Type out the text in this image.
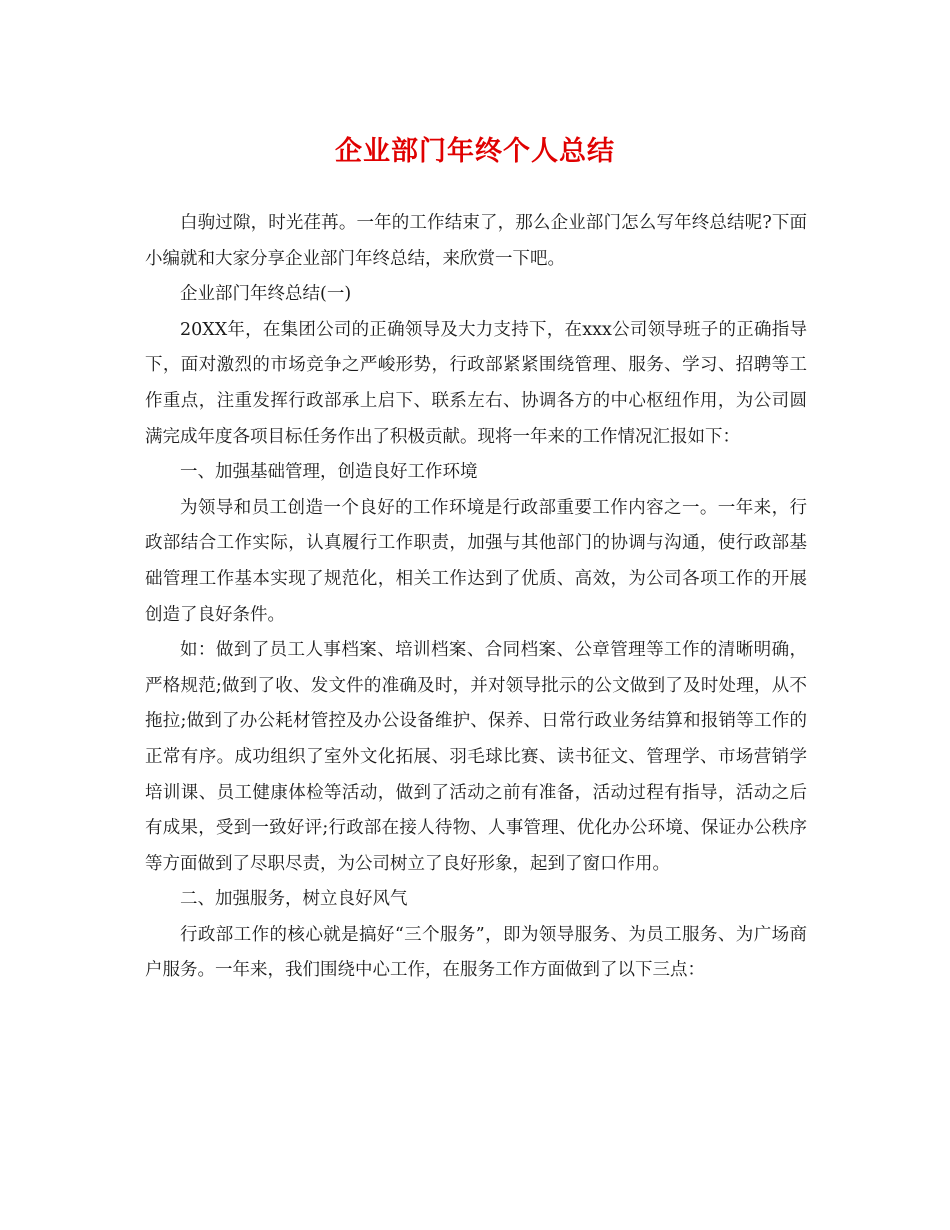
企业部门年终个人总结

白驹过隙，时光荏苒。一年的工作结束了，那么企业部门怎么写年终总结呢?下面小编就和大家分享企业部门年终总结，来欣赏一下吧。

企业部门年终总结(一)

20XX年，在集团公司的正确领导及大力支持下，在xxx公司领导班子的正确指导下，面对激烈的市场竞争之严峻形势，行政部紧紧围绕管理、服务、学习、招聘等工作重点，注重发挥行政部承上启下、联系左右、协调各方的中心枢纽作用，为公司圆满完成年度各项目标任务作出了积极贡献。现将一年来的工作情况汇报如下：

一、加强基础管理，创造良好工作环境

为领导和员工创造一个良好的工作环境是行政部重要工作内容之一。一年来，行政部结合工作实际，认真履行工作职责，加强与其他部门的协调与沟通，使行政部基础管理工作基本实现了规范化，相关工作达到了优质、高效，为公司各项工作的开展创造了良好条件。

如：做到了员工人事档案、培训档案、合同档案、公章管理等工作的清晰明确，严格规范;做到了收、发文件的准确及时，并对领导批示的公文做到了及时处理，从不拖拉;做到了办公耗材管控及办公设备维护、保养、日常行政业务结算和报销等工作的正常有序。成功组织了室外文化拓展、羽毛球比赛、读书征文、管理学、市场营销学培训课、员工健康体检等活动，做到了活动之前有准备，活动过程有指导，活动之后有成果，受到一致好评;行政部在接人待物、人事管理、优化办公环境、保证办公秩序等方面做到了尽职尽责，为公司树立了良好形象，起到了窗口作用。

二、加强服务，树立良好风气

行政部工作的核心就是搞好“三个服务”，即为领导服务、为员工服务、为广场商户服务。一年来，我们围绕中心工作，在服务工作方面做到了以下三点：
